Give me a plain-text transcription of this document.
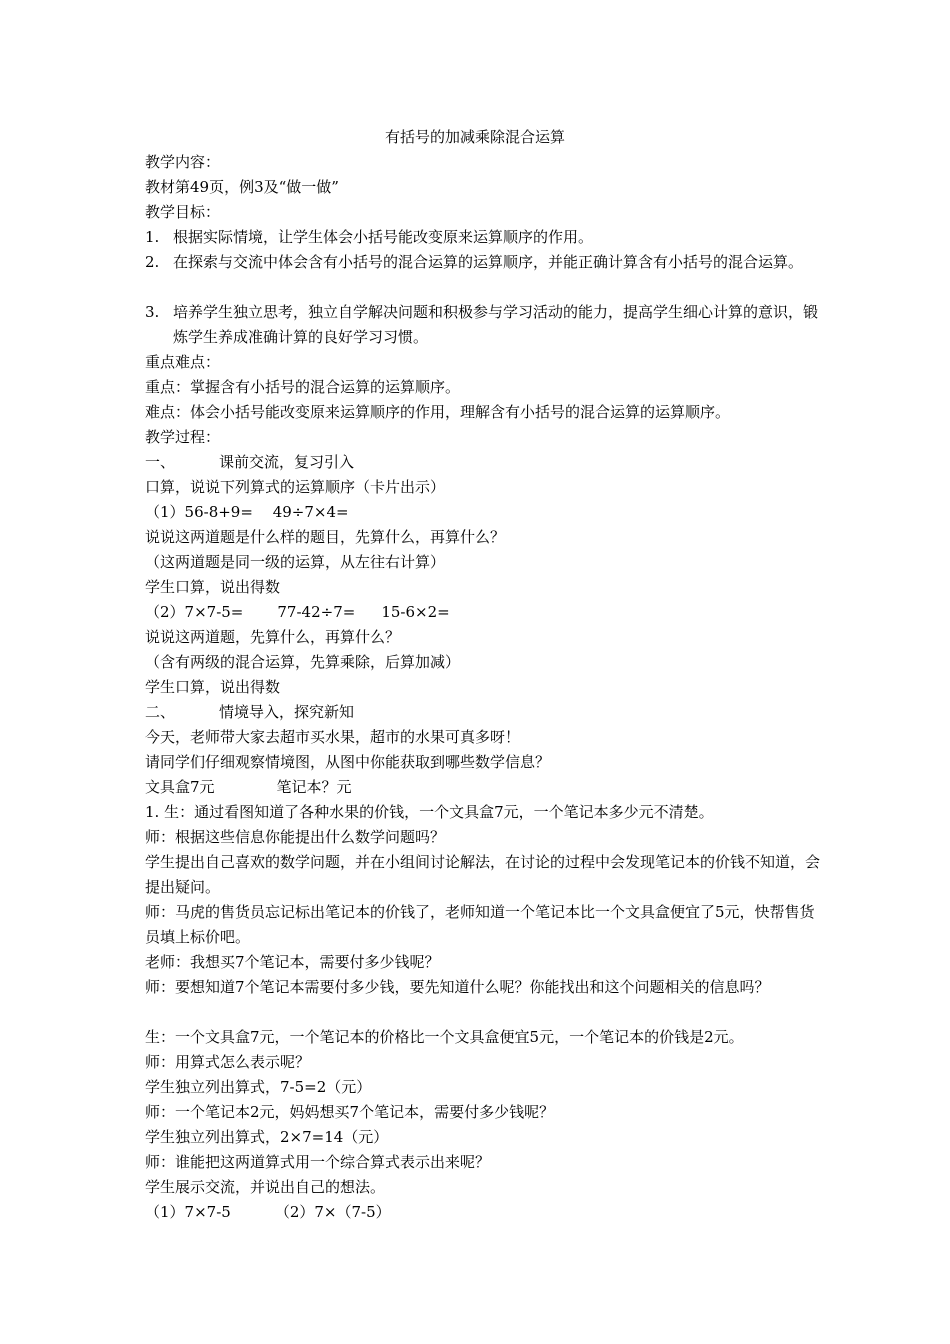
有括号的加减乘除混合运算
教学内容：
教材第49页，例3及“做一做”
教学目标：
1. 根据实际情境，让学生体会小括号能改变原来运算顺序的作用。
2. 在探索与交流中体会含有小括号的混合运算的运算顺序，并能正确计算含有小括号的混合运算。
3. 培养学生独立思考，独立自学解决问题和积极参与学习活动的能力，提高学生细心计算的意识，锻炼学生养成准确计算的良好学习习惯。
重点难点：
重点：掌握含有小括号的混合运算的运算顺序。
难点：体会小括号能改变原来运算顺序的作用，理解含有小括号的混合运算的运算顺序。
教学过程：
一、	课前交流，复习引入
口算，说说下列算式的运算顺序（卡片出示）
（1）56-8+9=　 49÷7×4=
说说这两道题是什么样的题目，先算什么，再算什么？
（这两道题是同一级的运算，从左往右计算）
学生口算，说出得数
（2）7×7-5= 77-42÷7= 15-6×2=
说说这两道题，先算什么，再算什么？
（含有两级的混合运算，先算乘除，后算加减）
学生口算，说出得数
二、	情境导入，探究新知
今天，老师带大家去超市买水果，超市的水果可真多呀！
请同学们仔细观察情境图，从图中你能获取到哪些数学信息？
文具盒7元	笔记本？元
1. 生：通过看图知道了各种水果的价钱，一个文具盒7元，一个笔记本多少元不清楚。
师：根据这些信息你能提出什么数学问题吗？
学生提出自己喜欢的数学问题，并在小组间讨论解法，在讨论的过程中会发现笔记本的价钱不知道，会提出疑问。
师：马虎的售货员忘记标出笔记本的价钱了，老师知道一个笔记本比一个文具盒便宜了5元，快帮售货员填上标价吧。
老师：我想买7个笔记本，需要付多少钱呢？
师：要想知道7个笔记本需要付多少钱，要先知道什么呢？你能找出和这个问题相关的信息吗？
生：一个文具盒7元，一个笔记本的价格比一个文具盒便宜5元，一个笔记本的价钱是2元。
师：用算式怎么表示呢？
学生独立列出算式，7-5=2（元）
师：一个笔记本2元，妈妈想买7个笔记本，需要付多少钱呢？
学生独立列出算式，2×7=14（元）
师：谁能把这两道算式用一个综合算式表示出来呢？
学生展示交流，并说出自己的想法。
（1）7×7-5	（2）7×（7-5）
